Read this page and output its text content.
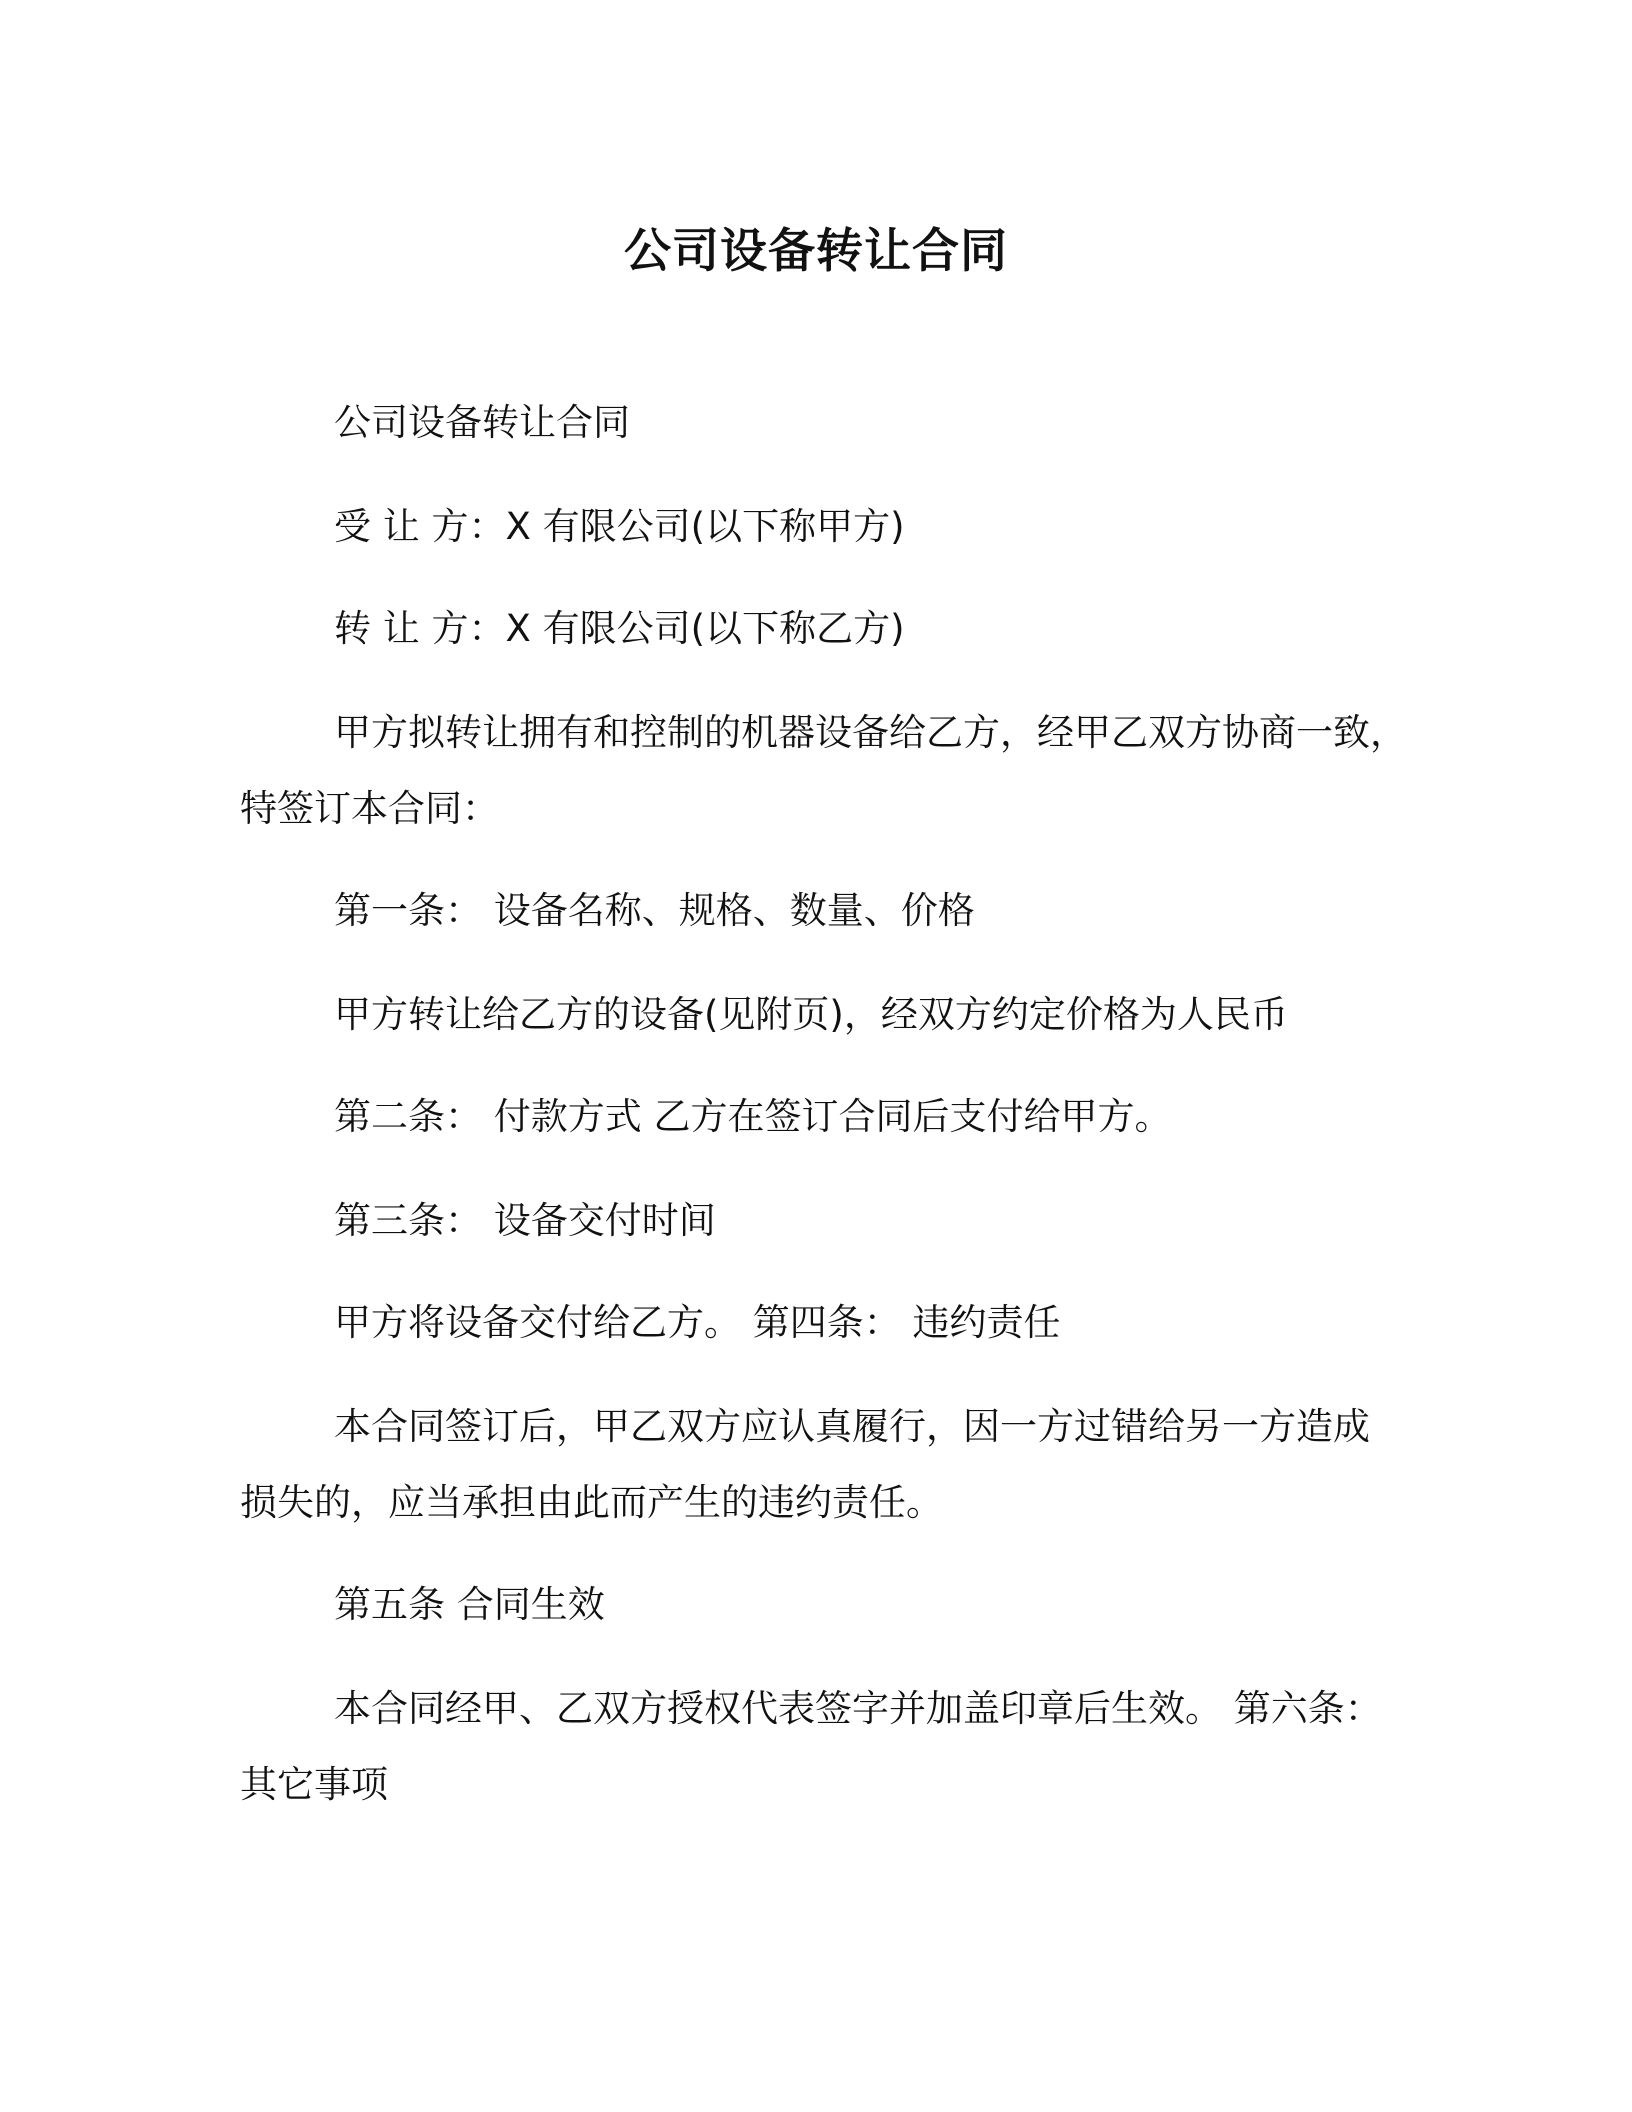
公司设备转让合同
公司设备转让合同
受 让 方：X 有限公司(以下称甲方)
转 让 方：X 有限公司(以下称乙方)
甲方拟转让拥有和控制的机器设备给乙方，经甲乙双方协商一致，
特签订本合同：
第一条： 设备名称、规格、数量、价格
甲方转让给乙方的设备(见附页)，经双方约定价格为人民币
第二条： 付款方式 乙方在签订合同后支付给甲方。
第三条： 设备交付时间
甲方将设备交付给乙方。 第四条： 违约责任
本合同签订后，甲乙双方应认真履行，因一方过错给另一方造成
损失的，应当承担由此而产生的违约责任。
第五条 合同生效
本合同经甲、乙双方授权代表签字并加盖印章后生效。 第六条：
其它事项
